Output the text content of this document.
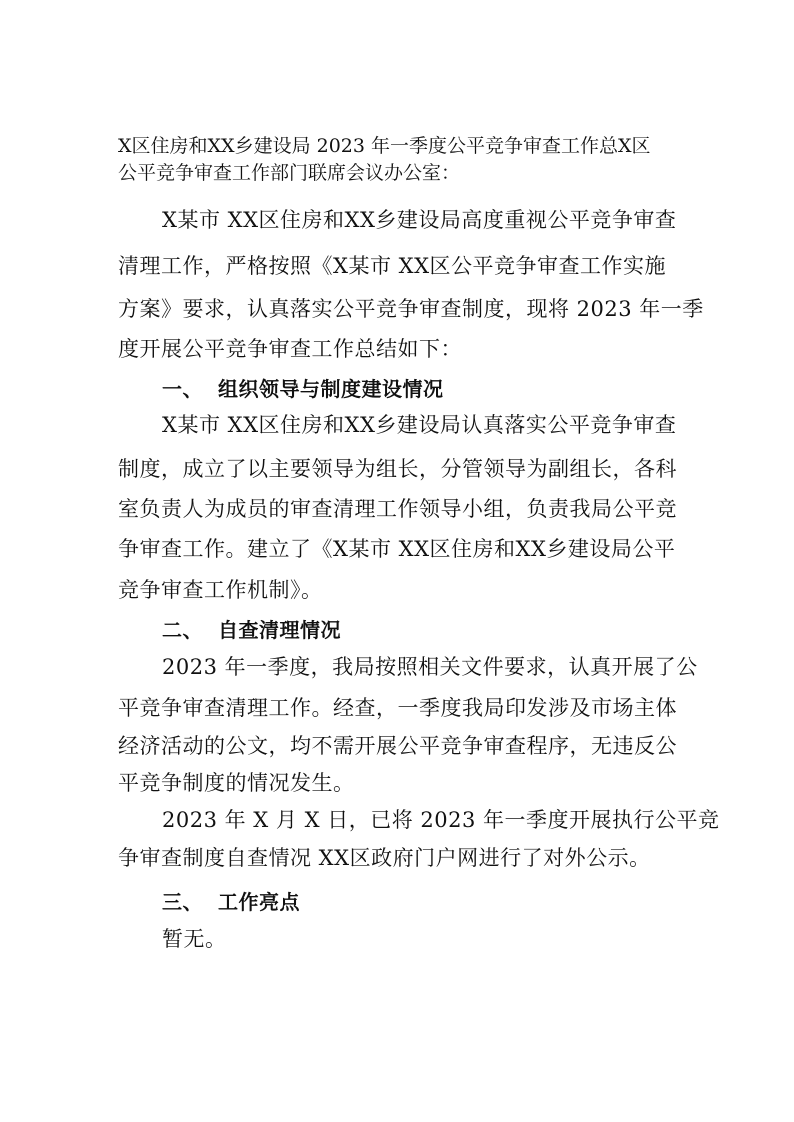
X区住房和XX乡建设局 2023 年一季度公平竞争审查工作总X区
公平竞争审查工作部门联席会议办公室：
X某市 XX区住房和XX乡建设局高度重视公平竞争审查
清理工作，严格按照《X某市 XX区公平竞争审查工作实施
方案》要求，认真落实公平竞争审查制度，现将 2023 年一季
度开展公平竞争审查工作总结如下：
一、 组织领导与制度建设情况
X某市 XX区住房和XX乡建设局认真落实公平竞争审查
制度，成立了以主要领导为组长，分管领导为副组长，各科
室负责人为成员的审查清理工作领导小组，负责我局公平竞
争审查工作。建立了《X某市 XX区住房和XX乡建设局公平
竞争审查工作机制》。
二、 自查清理情况
2023 年一季度，我局按照相关文件要求，认真开展了公
平竞争审查清理工作。经查，一季度我局印发涉及市场主体
经济活动的公文，均不需开展公平竞争审查程序，无违反公
平竞争制度的情况发生。
2023 年 X 月 X 日，已将 2023 年一季度开展执行公平竞
争审查制度自查情况 XX区政府门户网进行了对外公示。
三、 工作亮点
暂无。
